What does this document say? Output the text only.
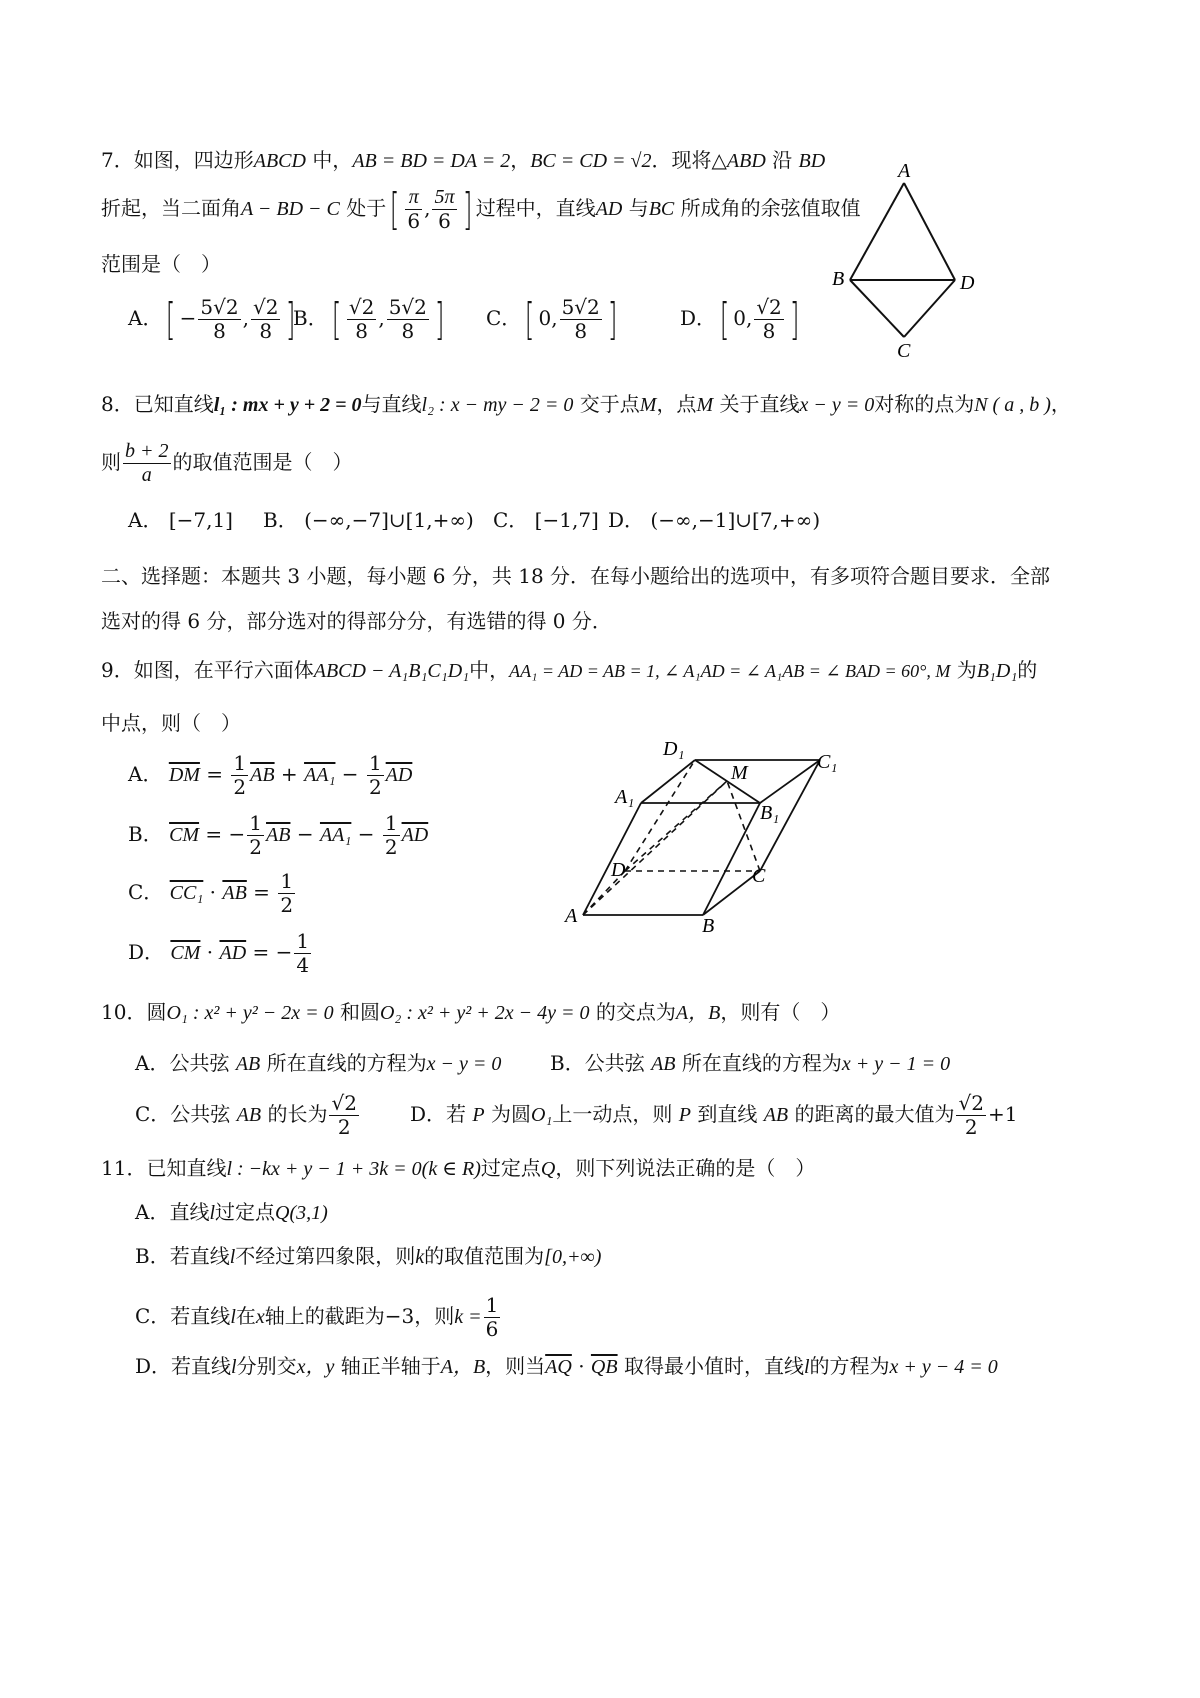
7．如图，四边形ABCD 中，AB = BD = DA = 2，BC = CD = √2．现将△ABD 沿 BD
折起，当二面角A − BD − C 处于[ $\frac{\pi}{6}$ , $\frac{5\pi}{6}$ ] 过程中，直线AD 与BC 所成角的余弦值取值
范围是（　）
A．[ − $\frac{5√2}{8}$ , $\frac{√2}{8}$ ]
B．[ $\frac{√2}{8}$ , $\frac{5√2}{8}$ ] C．[ 0, $\frac{5√2}{8}$ ]	D．[ 0, $\frac{√2}{8}$ ]
A
B	D
C
8．已知直线l₁ : mx + y + 2 = 0与直线l₂ : x − my − 2 = 0 交于点M，点M 关于直线x − y = 0对称的点为N ( a , b )，
则 $\frac{b + 2}{a}$ 的取值范围是（　）
A． [−7,1] B． (−∞,−7]∪[1,+∞) C． [−1,7] D． (−∞,−1]∪[7,+∞)
二、选择题：本题共 3 小题，每小题 6 分，共 18 分．在每小题给出的选项中，有多项符合题目要求．全部
选对的得 6 分，部分选对的得部分分，有选错的得 0 分．
9．如图，在平行六面体ABCD − A₁B₁C₁D₁中，AA₁ = AD = AB = 1, ∠ A₁AD = ∠ A₁AB = ∠ BAD = 60°, M 为B₁D₁的
中点，则（　）
A． $\overline{DM} = \frac{1}{2} \overline{AB} + AA_1 - \frac{1}{2} \overline{AD}$
B． $\overline{CM}$ = − $\frac{1}{2} \overline{AB} - AA_1 - \frac{1}{2} \overline{AD}$
C． $CC_1 \cdot \overline{AB} = \frac{1}{2}$
D． $\overline{CM} \cdot \overline{AD}$ = − $\frac{1}{4}$
D₁
M	C₁
A₁
B₁
D	C
A	B
10．圆O₁ : x² + y² − 2x = 0 和圆O₂ : x² + y² + 2x − 4y = 0 的交点为A，B，则有（　）
A．公共弦 AB 所在直线的方程为x − y = 0 B．公共弦 AB 所在直线的方程为x + y − 1 = 0
C．公共弦 AB 的长为 $\frac{√2}{2}$	D．若 P 为圆O₁上一动点，则 P 到直线 AB 的距离的最大值为 $\frac{√2}{2} +1$
11．已知直线l : −kx + y − 1 + 3k = 0(k ∈ R)过定点Q，则下列说法正确的是（　）
A．直线l过定点Q(3,1)
B．若直线l不经过第四象限，则k的取值范围为[0,+∞)
C．若直线l在x轴上的截距为−3，则$k = \frac{1}{6}$
D．若直线l分别交x，y 轴正半轴于A，B，则当$\overline{AQ} \cdot \overline{QB}$ 取得最小值时，直线l的方程为x + y − 4 = 0
